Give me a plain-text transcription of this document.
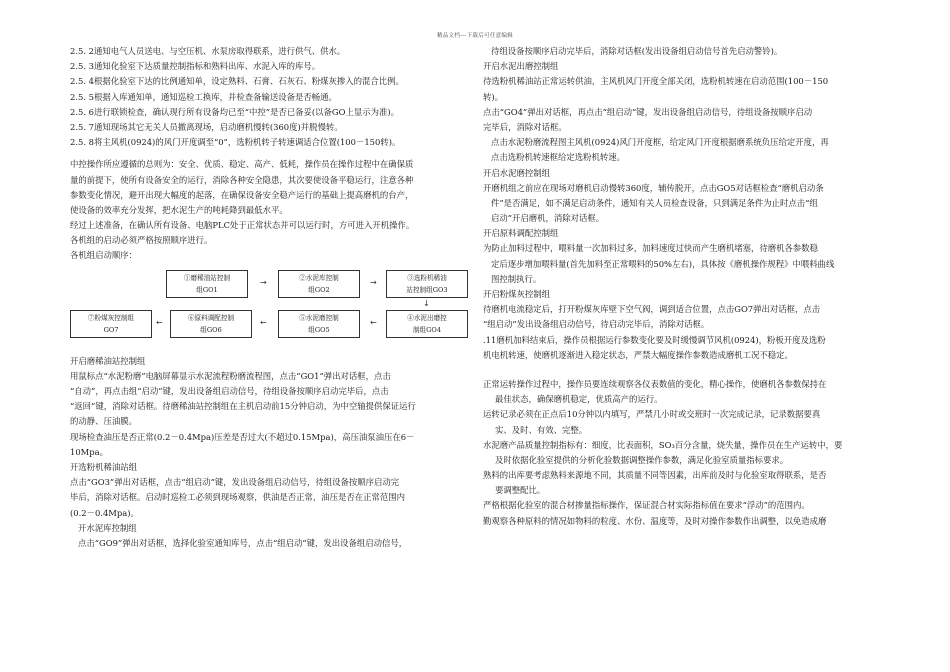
精品文档---下载后可任意编辑
2.5. 2通知电气人员送电、与空压机、水泵房取得联系，进行供气、供水。
2.5. 3通知化验室下达质量控制指标和熟料出库、水泥入库的库号。
2.5. 4根据化验室下达的比例通知单，设定熟料、石膏、石灰石、粉煤灰掺入的混合比例。
2.5. 5根据入库通知单，通知巡检工换库，并检查备输送设备是否畅通。
2.5. 6进行联锁检查，确认现行所有设备均已至“中控”是否已备妥(以备GO上显示为准)。
2.5. 7通知现场其它无关人员撤离现场，启动磨机慢转(360度)并脱慢转。
2.5. 8将主风机(0924)的风门开度调至“0”，选粉机转子转速调适合位置(100－150转)。
中控操作所应遵循的总则为：安全、优质、稳定、高产、低耗，操作员在操作过程中在确保质
量的前提下，使所有设备安全的运行，消除各种安全隐患，其次要使设备平稳运行，注意各种
参数变化情况，避开出现大幅度的起落，在确保设备安全稳产运行的基础上提高磨机的台产，
使设备的效率充分发挥，把水泥生产的吨耗降到最低水平。
经过上述准备，在确认所有设备、电脑PLC处于正常状态并可以运行时，方可进入开机操作。
各机组的启动必须严格按照顺序进行。
各机组启动顺序：
①磨稀油站控制
组GO1
→	②水泥库控制
组GO2
→	③选粉机稀油
站控制组GO3
↓
⑦粉煤灰控制组
GO7
←	⑥原料调配控制
组GO6
←	⑤水泥磨控制
组GO5
←	④水泥出磨控
制组GO4
开启磨稀油站控制组
用鼠标点“水泥粉磨”电脑屏幕显示水泥流程粉磨流程图，点击“GO1”弹出对话框，点击
“自动”，再点击组“启动”键，发出设备组启动信号，待组设备按顺序启动完毕后，点击
“返回”键，消除对话框。待磨稀油站控制组在主机启动前15分钟启动，为中空轴提供保证运行
的动静、压油膜。
现场检查油压是否正常(0.2－0.4Mpa)压差是否过大(不超过0.15Mpa)，高压油泵油压在6－
10Mpa。
开选粉机稀油站组
点击“GO3”弹出对话框，点击“组启动”键，发出设备组启动信号，待组设备按顺序启动完
毕后，消除对话框。启动时巡检工必须到现场观察，供油是否正常，油压是否在正常范围内
(0.2－0.4Mpa)。
开水泥库控制组
点击“GO9”弹出对话框，选择化验室通知库号，点击“组启动”键，发出设备组启动信号，
待组设备按顺序启动完毕后，消除对话框(发出设备组启动信号首先启动警铃)。
开启水泥出磨控制组
待选粉机稀油站正常运转供油，主风机风门开度全部关闭，选粉机转速在启动范围(100－150
转)。
点击“GO4”弹出对话框，再点击“组启动”键，发出设备组启动信号，待组设备按顺序启动
完毕后，消除对话框。
点击水泥粉磨流程图主风机(0924)风门开度框，给定风门开度根据磨系统负压给定开度，再
点击选粉机转速框给定选粉机转速。
开启水泥磨控制组
开磨机组之前应在现场对磨机启动慢转360度，辅传脱开，点击GO5对话框检查“磨机启动条
件”是否满足，如不满足启动条件，通知有关人员检查设备，只到满足条件为止时点击“组
启动”开启磨机，消除对话框。
开启原料调配控制组
为防止加料过程中，喂料量一次加料过多，加料速度过快而产生磨机堵塞，待磨机各参数稳
定后逐步增加喂料量(首先加料至正常喂料的50%左右)，具体按《磨机操作规程》中喂料曲线
图控制执行。
开启粉煤灰控制组
待磨机电流稳定后，打开粉煤灰库壁下空气阀，调到适合位置，点击GO7弹出对话框，点击
“组启动”发出设备组启动信号，待启动完毕后，消除对话框。
.11磨机加料结束后，操作员根据运行参数变化要及时缓慢调节风机(0924)，粉板开度及选粉
机电机转速，使磨机逐渐进入稳定状态，严禁大幅度操作参数造成磨机工况不稳定。
正常运转操作过程中，操作员要连续观察各仪表数值的变化，精心操作，使磨机各参数保持在
最佳状态，确保磨机稳定，优质高产的运行。
运转记录必须在正点后10分钟以内填写，严禁几小时或交班时一次完成记录，记录数据要真
实、及时、有效、完整。
水泥磨产品质量控制指标有：细度，比表面积，SO₃百分含量，烧失量，操作员在生产运转中，要
及时依据化验室提供的分析化验数据调整操作参数，满足化验室质量指标要求。
熟料的出库要考虑熟料来源地不同，其质量不同等因素，出库前及时与化验室取得联系，是否
要调整配比。
严格根据化验室的混合材掺量指标操作，保证混合材实际指标值在要求“浮动”的范围内。
勤观察各种原料的情况如物料的粒度、水份、温度等，及时对操作参数作出调整，以免造成磨
